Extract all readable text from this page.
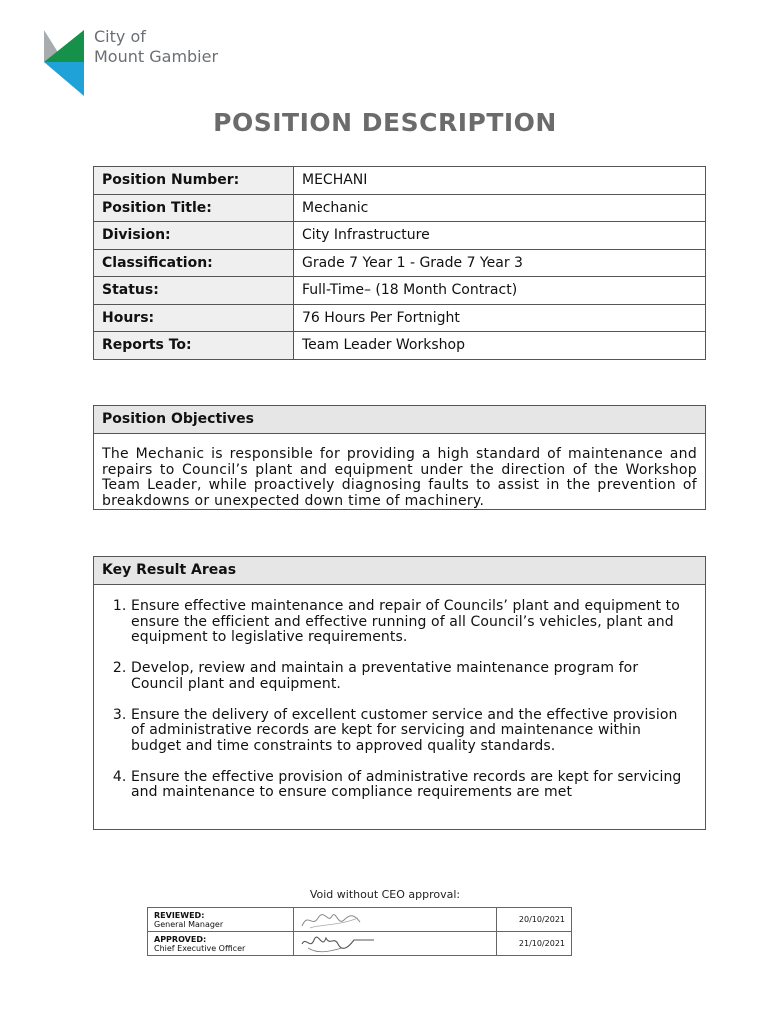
City of
Mount Gambier
POSITION DESCRIPTION
Position Number:	MECHANI
Position Title:	Mechanic
Division:	City Infrastructure
Classification:	Grade 7 Year 1 - Grade 7 Year 3
Status:	Full-Time– (18 Month Contract)
Hours:	76 Hours Per Fortnight
Reports To:	Team Leader Workshop
Position Objectives
The Mechanic is responsible for providing a high standard of maintenance and repairs to Council’s plant and equipment under the direction of the Workshop Team Leader, while proactively diagnosing faults to assist in the prevention of breakdowns or unexpected down time of machinery.
Key Result Areas
1. Ensure effective maintenance and repair of Councils’ plant and equipment to ensure the efficient and effective running of all Council’s vehicles, plant and equipment to legislative requirements.
2. Develop, review and maintain a preventative maintenance program for Council plant and equipment.
3. Ensure the delivery of excellent customer service and the effective provision of administrative records are kept for servicing and maintenance within budget and time constraints to approved quality standards.
4. Ensure the effective provision of administrative records are kept for servicing and maintenance to ensure compliance requirements are met
Void without CEO approval:
REVIEWED:
General Manager		20/10/2021

APPROVED:
Chief Executive Officer		21/10/2021
